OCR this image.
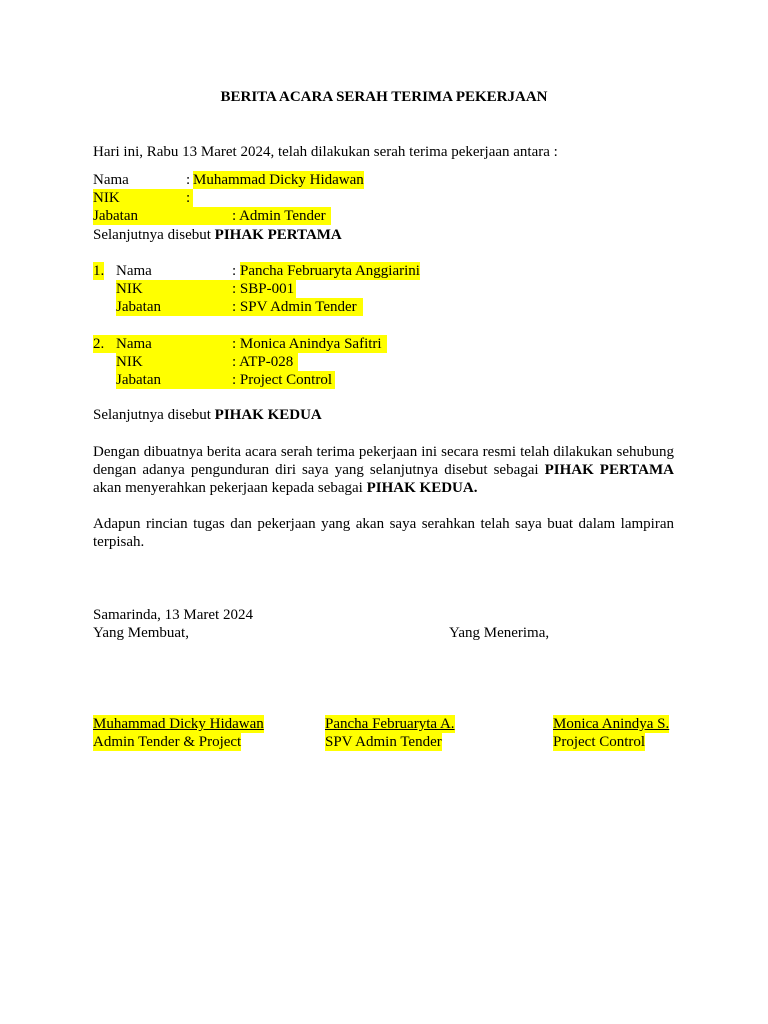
BERITA ACARA SERAH TERIMA PEKERJAAN
Hari ini, Rabu 13 Maret 2024, telah dilakukan serah terima pekerjaan antara :
Nama	: Muhammad Dicky Hidawan
NIK	:
Jabatan	: Admin Tender
Selanjutnya disebut PIHAK PERTAMA
1. Nama	: Pancha Februaryta Anggiarini
NIK	: SBP-001
Jabatan	: SPV Admin Tender
2. Nama	: Monica Anindya Safitri
NIK	: ATP-028
Jabatan	: Project Control
Selanjutnya disebut PIHAK KEDUA
Dengan dibuatnya berita acara serah terima pekerjaan ini secara resmi telah dilakukan sehubung dengan adanya pengunduran diri saya yang selanjutnya disebut sebagai PIHAK PERTAMA akan menyerahkan pekerjaan kepada sebagai PIHAK KEDUA.
Adapun rincian tugas dan pekerjaan yang akan saya serahkan telah saya buat dalam lampiran terpisah.
Samarinda, 13 Maret 2024
Yang Membuat,	Yang Menerima,
Muhammad Dicky Hidawan	Pancha Februaryta A.	Monica Anindya S.
Admin Tender & Project	SPV Admin Tender	Project Control
